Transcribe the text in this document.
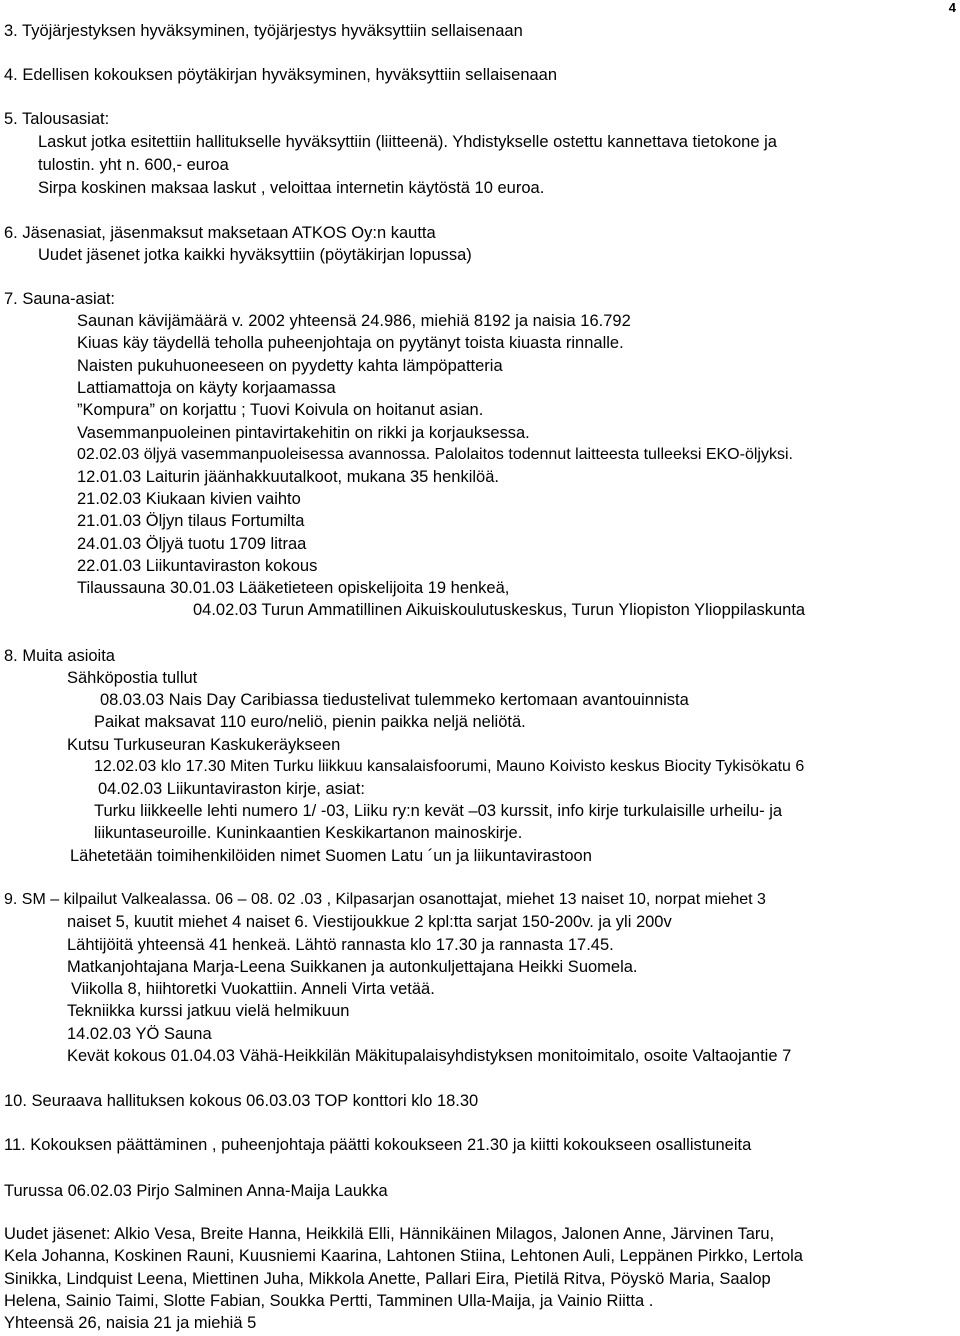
4
3. Työjärjestyksen hyväksyminen, työjärjestys hyväksyttiin sellaisenaan
4. Edellisen kokouksen pöytäkirjan hyväksyminen, hyväksyttiin sellaisenaan
5. Talousasiat:
Laskut jotka esitettiin hallitukselle hyväksyttiin (liitteenä). Yhdistykselle ostettu kannettava tietokone ja
tulostin. yht n. 600,- euroa
Sirpa koskinen maksaa laskut , veloittaa internetin käytöstä 10 euroa.
6. Jäsenasiat, jäsenmaksut maksetaan ATKOS Oy:n kautta
Uudet jäsenet jotka kaikki hyväksyttiin (pöytäkirjan lopussa)
7. Sauna-asiat:
Saunan kävijämäärä v. 2002 yhteensä 24.986, miehiä 8192 ja naisia 16.792
Kiuas käy täydellä teholla puheenjohtaja on pyytänyt toista kiuasta rinnalle.
Naisten pukuhuoneeseen on pyydetty kahta lämpöpatteria
Lattiamattoja on käyty korjaamassa
”Kompura” on korjattu ; Tuovi Koivula on hoitanut asian.
Vasemmanpuoleinen pintavirtakehitin on rikki ja korjauksessa.
02.02.03 öljyä vasemmanpuoleisessa avannossa. Palolaitos todennut laitteesta tulleeksi EKO-öljyksi.
12.01.03 Laiturin jäänhakkuutalkoot, mukana 35 henkilöä.
21.02.03 Kiukaan kivien vaihto
21.01.03 Öljyn tilaus Fortumilta
24.01.03 Öljyä tuotu 1709 litraa
22.01.03 Liikuntaviraston kokous
Tilaussauna 30.01.03 Lääketieteen opiskelijoita 19 henkeä,
04.02.03 Turun Ammatillinen Aikuiskoulutuskeskus, Turun Yliopiston Ylioppilaskunta
8. Muita asioita
Sähköpostia tullut
08.03.03 Nais Day Caribiassa tiedustelivat tulemmeko kertomaan avantouinnista
Paikat maksavat 110 euro/neliö, pienin paikka neljä neliötä.
Kutsu Turkuseuran Kaskukeräykseen
12.02.03 klo 17.30 Miten Turku liikkuu kansalaisfoorumi, Mauno Koivisto keskus Biocity Tykisökatu 6
04.02.03 Liikuntaviraston kirje, asiat:
Turku liikkeelle lehti numero 1/ -03, Liiku ry:n kevät –03 kurssit, info kirje turkulaisille urheilu- ja
liikuntaseuroille. Kuninkaantien Keskikartanon mainoskirje.
Lähetetään toimihenkilöiden nimet Suomen Latu ´un ja liikuntavirastoon
9. SM – kilpailut Valkealassa. 06 – 08. 02 .03 , Kilpasarjan osanottajat, miehet 13 naiset 10, norpat miehet 3
naiset 5, kuutit miehet 4 naiset 6. Viestijoukkue 2 kpl:tta sarjat 150-200v. ja yli 200v
Lähtijöitä yhteensä 41 henkeä. Lähtö rannasta klo 17.30 ja rannasta 17.45.
Matkanjohtajana Marja-Leena Suikkanen ja autonkuljettajana Heikki Suomela.
Viikolla 8, hiihtoretki Vuokattiin. Anneli Virta vetää.
Tekniikka kurssi jatkuu vielä helmikuun
14.02.03 YÖ Sauna
Kevät kokous 01.04.03 Vähä-Heikkilän Mäkitupalaisyhdistyksen monitoimitalo, osoite Valtaojantie 7
10. Seuraava hallituksen kokous 06.03.03 TOP konttori klo 18.30
11. Kokouksen päättäminen , puheenjohtaja päätti kokoukseen 21.30 ja kiitti kokoukseen osallistuneita
Turussa 06.02.03 Pirjo Salminen Anna-Maija Laukka
Uudet jäsenet: Alkio Vesa, Breite Hanna, Heikkilä Elli, Hännikäinen Milagos, Jalonen Anne, Järvinen Taru,
Kela Johanna, Koskinen Rauni, Kuusniemi Kaarina, Lahtonen Stiina, Lehtonen Auli, Leppänen Pirkko, Lertola
Sinikka, Lindquist Leena, Miettinen Juha, Mikkola Anette, Pallari Eira, Pietilä Ritva, Pöyskö Maria, Saalop
Helena, Sainio Taimi, Slotte Fabian, Soukka Pertti, Tamminen Ulla-Maija, ja Vainio Riitta .
Yhteensä 26, naisia 21 ja miehiä 5
